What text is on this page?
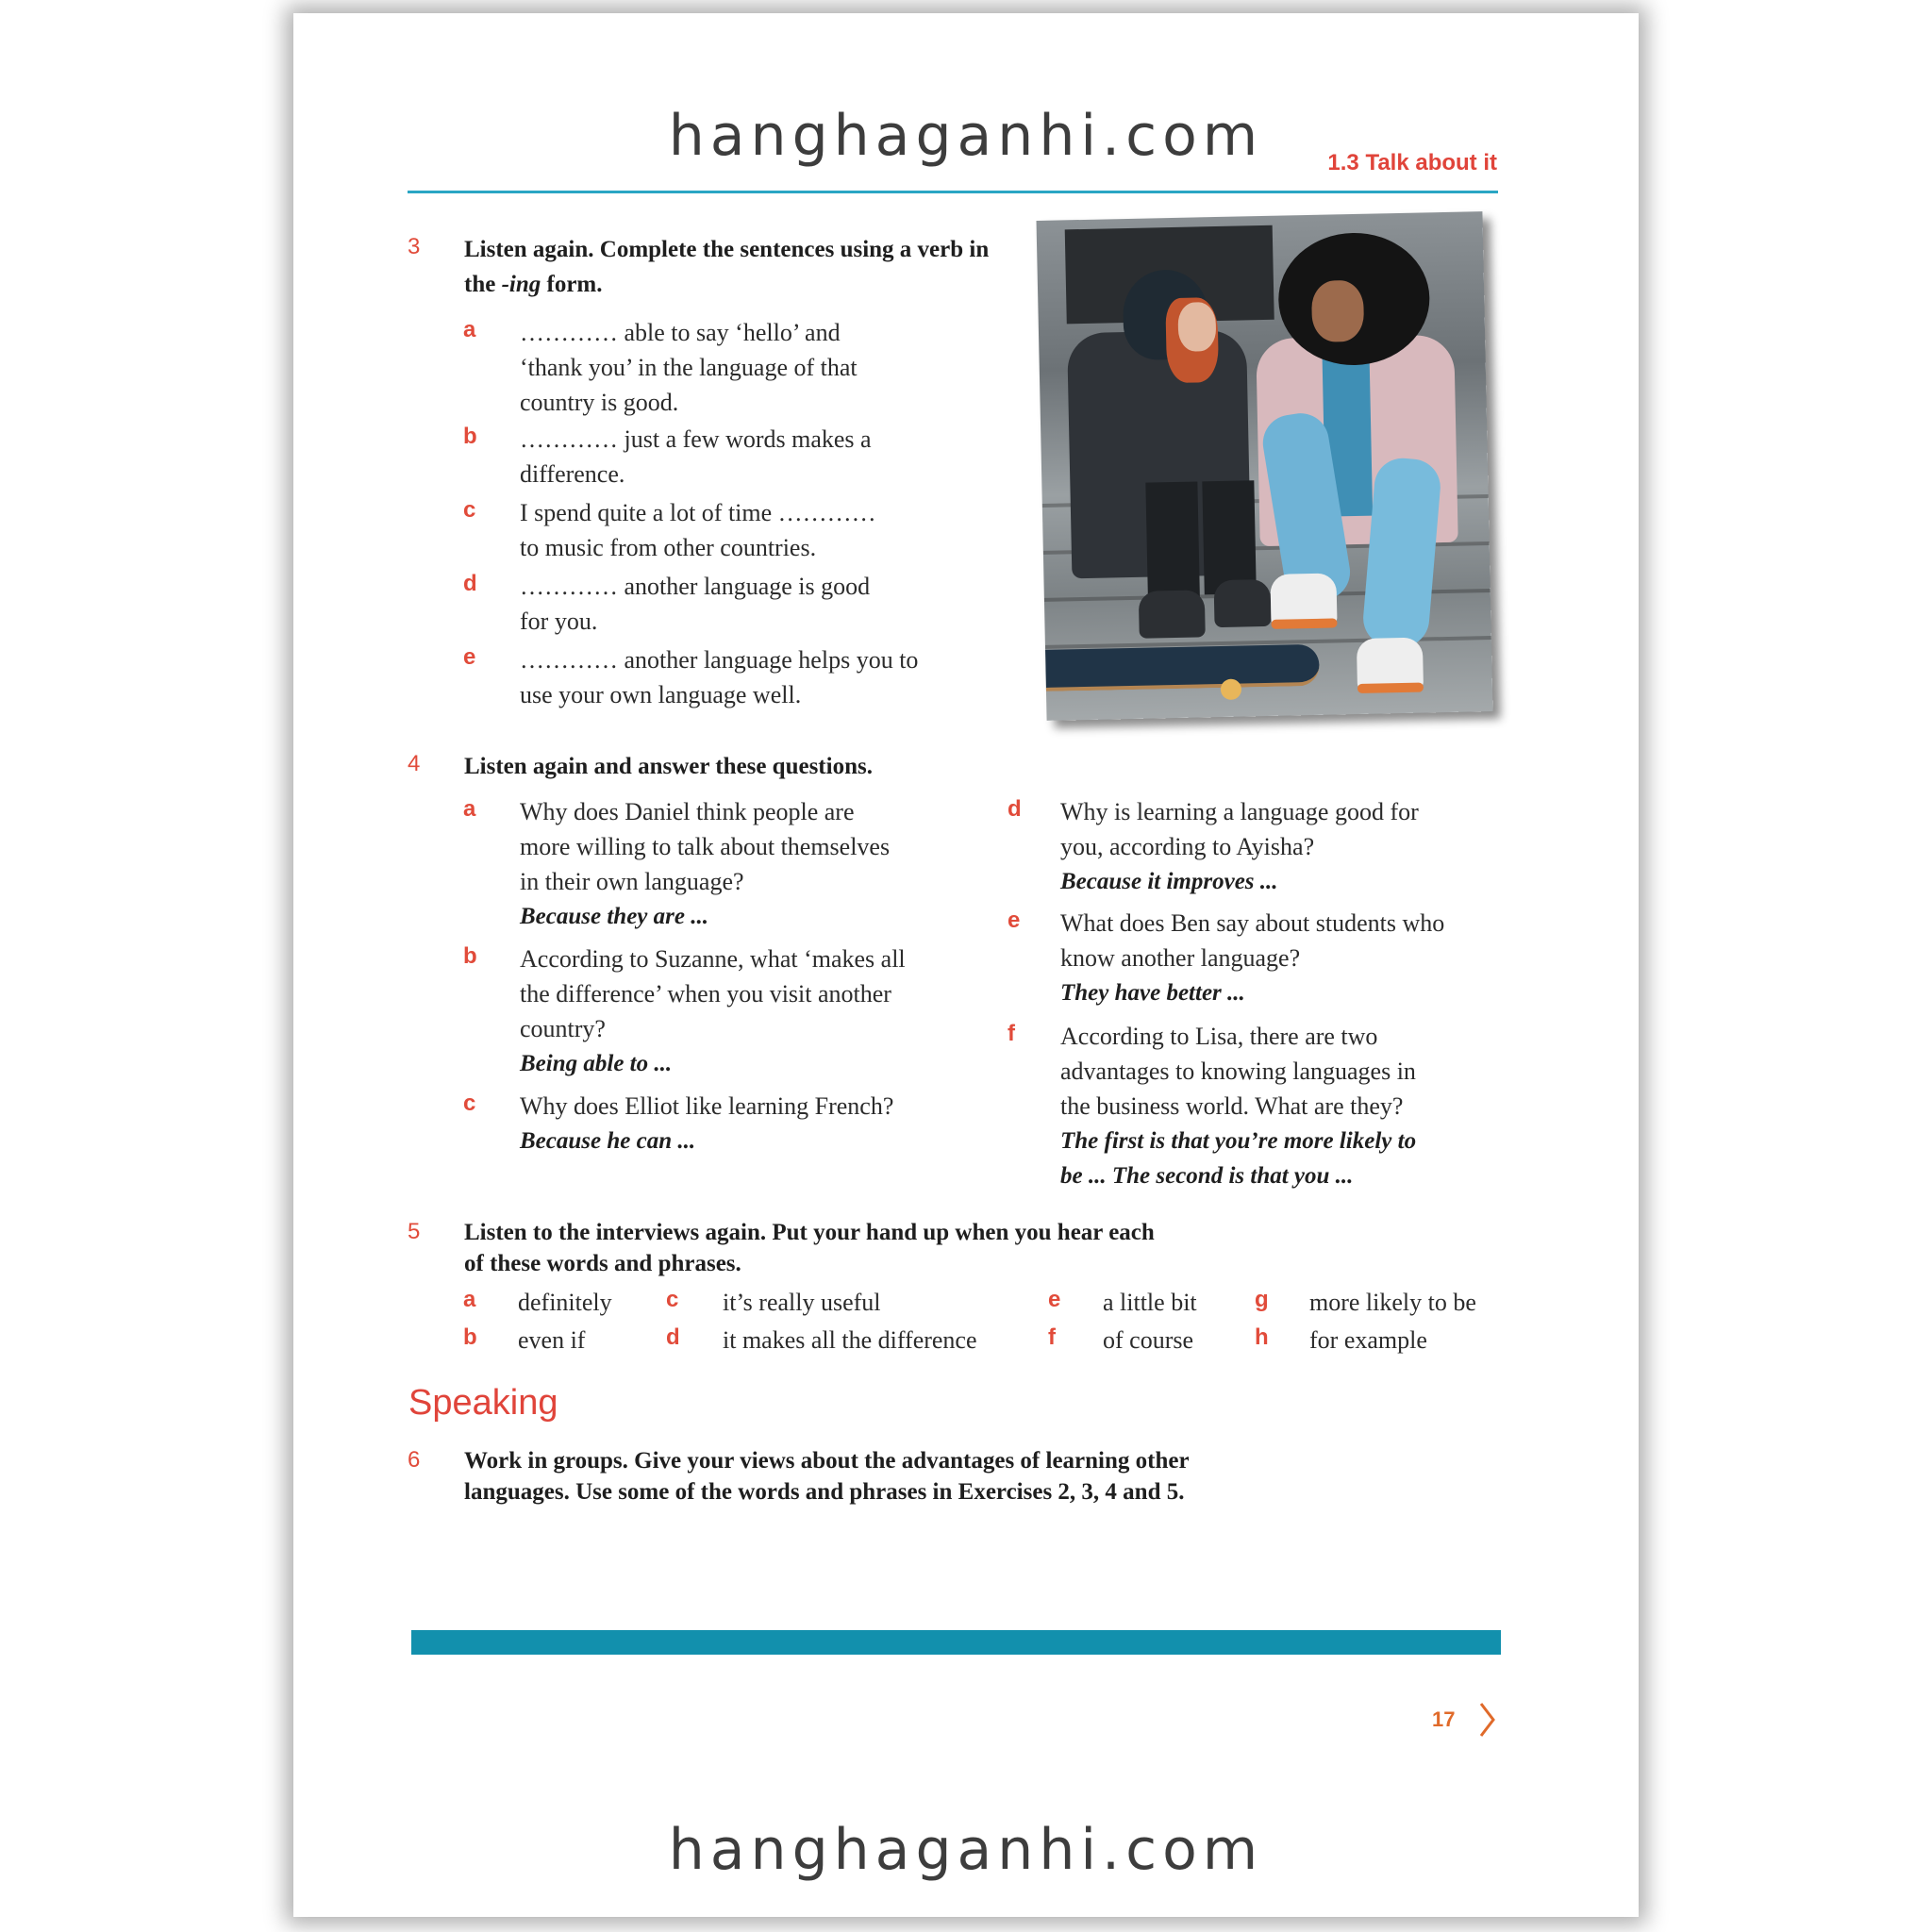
hanghaganhi.com	1.3 Talk about it
3 Listen again. Complete the sentences using a verb in the -ing form.
a ………… able to say ‘hello’ and
‘thank you’ in the language of that
country is good.
b ………… just a few words makes a
difference.
c I spend quite a lot of time …………
to music from other countries.
d ………… another language is good
for you.
e ………… another language helps you to
use your own language well.
4 Listen again and answer these questions.
a Why does Daniel think people are
more willing to talk about themselves
in their own language?
Because they are ...
b According to Suzanne, what ‘makes all
the difference’ when you visit another
country?
Being able to ...
c Why does Elliot like learning French?
Because he can ...
d Why is learning a language good for
you, according to Ayisha?
Because it improves ...
e What does Ben say about students who
know another language?
They have better ...
f According to Lisa, there are two
advantages to knowing languages in
the business world. What are they?
The first is that you’re more likely to
be ... The second is that you ...
5 Listen to the interviews again. Put your hand up when you hear each
of these words and phrases.
a definitely
b even if
c it’s really useful
d it makes all the difference
e a little bit
f of course
g more likely to be
h for example
Speaking
6 Work in groups. Give your views about the advantages of learning other
languages. Use some of the words and phrases in Exercises 2, 3, 4 and 5.
17
hanghaganhi.com
